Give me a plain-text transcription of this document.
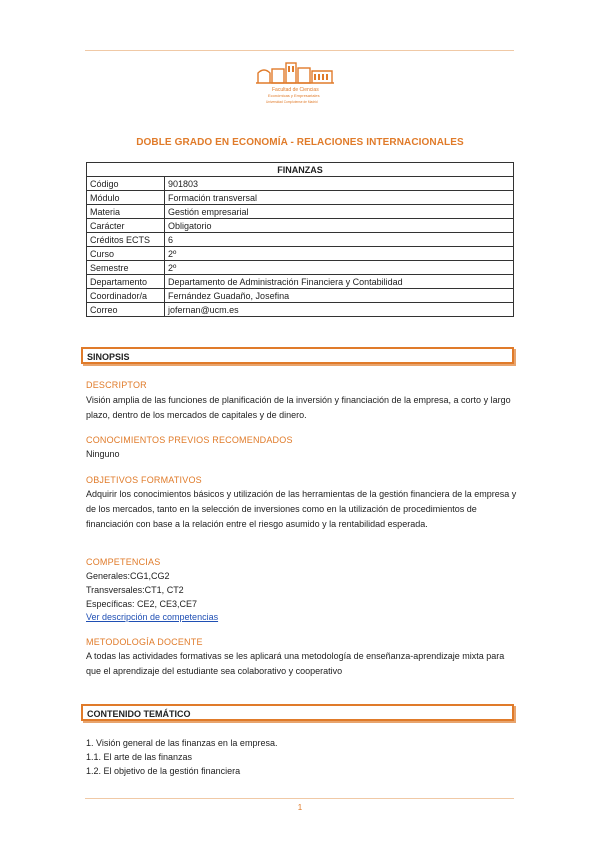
Facultad de Ciencias
Económicas y Empresariales
Universidad Complutense de Madrid
DOBLE GRADO EN ECONOMÍA - RELACIONES INTERNACIONALES
FINANZAS	
Código	901803
Módulo	Formación transversal
Materia	Gestión empresarial
Carácter	Obligatorio
Créditos ECTS	6
Curso	2º
Semestre	2º
Departamento	Departamento de Administración Financiera y Contabilidad
Coordinador/a	Fernández Guadaño, Josefina
Correo	jofernan@ucm.es
SINOPSIS
DESCRIPTOR
Visión amplia de las funciones de planificación de la inversión y financiación de la empresa, a corto y largo plazo, dentro de los mercados de capitales y de dinero.
CONOCIMIENTOS PREVIOS RECOMENDADOS
Ninguno
OBJETIVOS FORMATIVOS
Adquirir los conocimientos básicos y utilización de las herramientas de la gestión financiera de la empresa y de los mercados, tanto en la selección de inversiones como en la utilización de procedimientos de financiación con base a la relación entre el riesgo asumido y la rentabilidad esperada.
COMPETENCIAS
Generales:CG1,CG2
Transversales:CT1, CT2
Específicas: CE2, CE3,CE7
Ver descripción de competencias
METODOLOGÍA DOCENTE
A todas las actividades formativas se les aplicará una metodología de enseñanza-aprendizaje mixta para que el aprendizaje del estudiante sea colaborativo y cooperativo
CONTENIDO TEMÁTICO
1. Visión general de las finanzas en la empresa.
1.1. El arte de las finanzas
1.2. El objetivo de la gestión financiera
1
